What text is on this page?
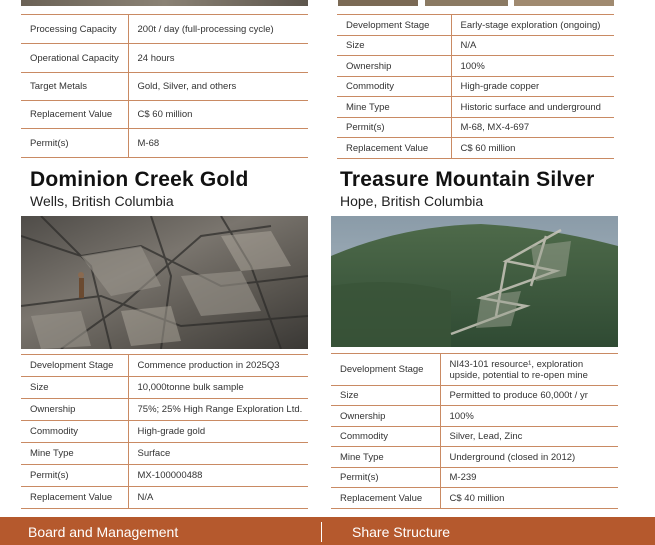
Processing Capacity	200t / day (full-processing cycle)
Operational Capacity	24 hours
Target Metals	Gold, Silver, and others
Replacement Value	C$ 60 million
Permit(s)	M-68
Development Stage	Early-stage exploration (ongoing)
Size	N/A
Ownership	100%
Commodity	High-grade copper
Mine Type	Historic surface and underground
Permit(s)	M-68, MX-4-697
Replacement Value	C$ 60 million
Dominion Creek Gold
Wells, British Columbia
Development Stage	Commence production in 2025Q3
Size	10,000tonne bulk sample
Ownership	75%; 25% High Range Exploration Ltd.
Commodity	High-grade gold
Mine Type	Surface
Permit(s)	MX-100000488
Replacement Value	N/A
Treasure Mountain Silver
Hope, British Columbia
Development Stage	NI43-101 resource¹, exploration upside, potential to re-open mine
Size	Permitted to produce 60,000t / yr
Ownership	100%
Commodity	Silver, Lead, Zinc
Mine Type	Underground (closed in 2012)
Permit(s)	M-239
Replacement Value	C$ 40 million
Board and Management	Share Structure
